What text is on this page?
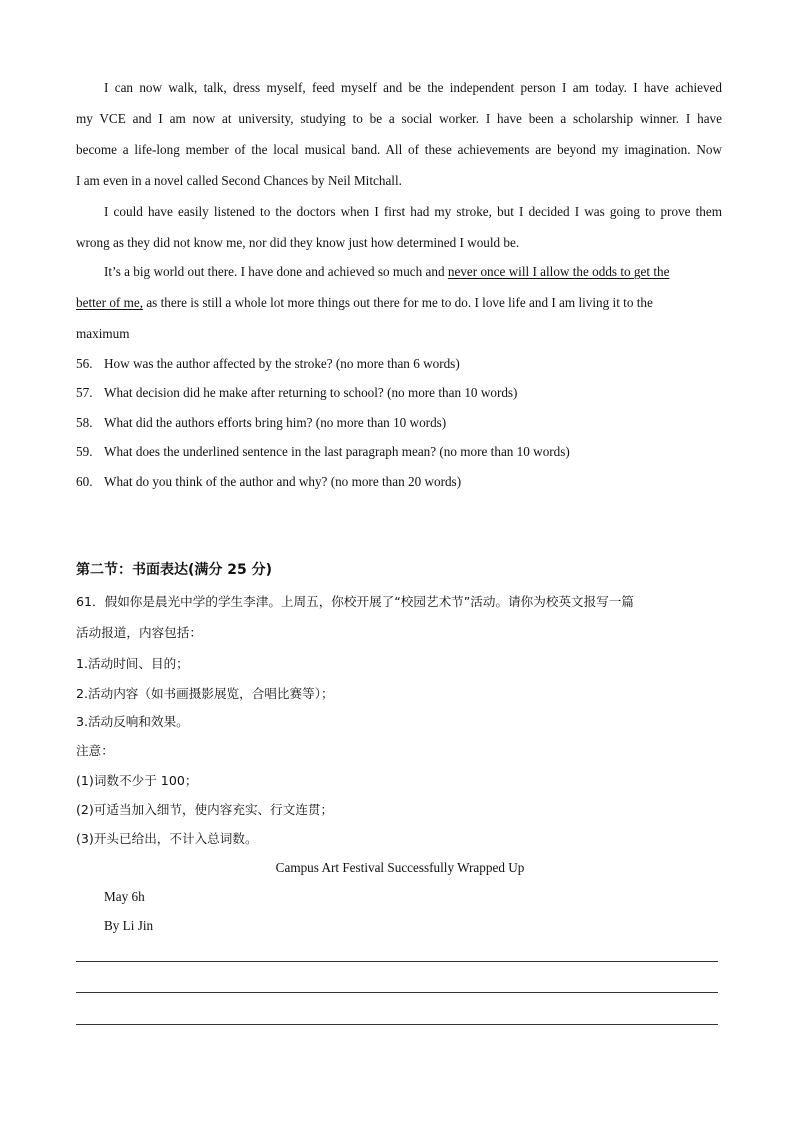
I can now walk, talk, dress myself, feed myself and be the independent person I am today. I have achieved
my VCE and I am now at university, studying to be a social worker. I have been a scholarship winner. I have
become a life-long member of the local musical band. All of these achievements are beyond my imagination. Now
I am even in a novel called Second Chances by Neil Mitchall.
I could have easily listened to the doctors when I first had my stroke, but I decided I was going to prove them
wrong as they did not know me, nor did they know just how determined I would be.
It’s a big world out there. I have done and achieved so much and never once will I allow the odds to get the
better of me, as there is still a whole lot more things out there for me to do. I love life and I am living it to the
maximum
56. How was the author affected by the stroke? (no more than 6 words)
57. What decision did he make after returning to school? (no more than 10 words)
58. What did the authors efforts bring him? (no more than 10 words)
59. What does the underlined sentence in the last paragraph mean? (no more than 10 words)
60. What do you think of the author and why? (no more than 20 words)
第二节：书面表达(满分 25 分)
61．假如你是晨光中学的学生李津。上周五，你校开展了“校园艺术节”活动。请你为校英文报写一篇
活动报道，内容包括：
1.活动时间、目的；
2.活动内容（如书画摄影展览，合唱比赛等）；
3.活动反响和效果。
注意：
(1)词数不少于 100；
(2)可适当加入细节，使内容充实、行文连贯；
(3)开头已给出，不计入总词数。
Campus Art Festival Successfully Wrapped Up
May 6h
By Li Jin
